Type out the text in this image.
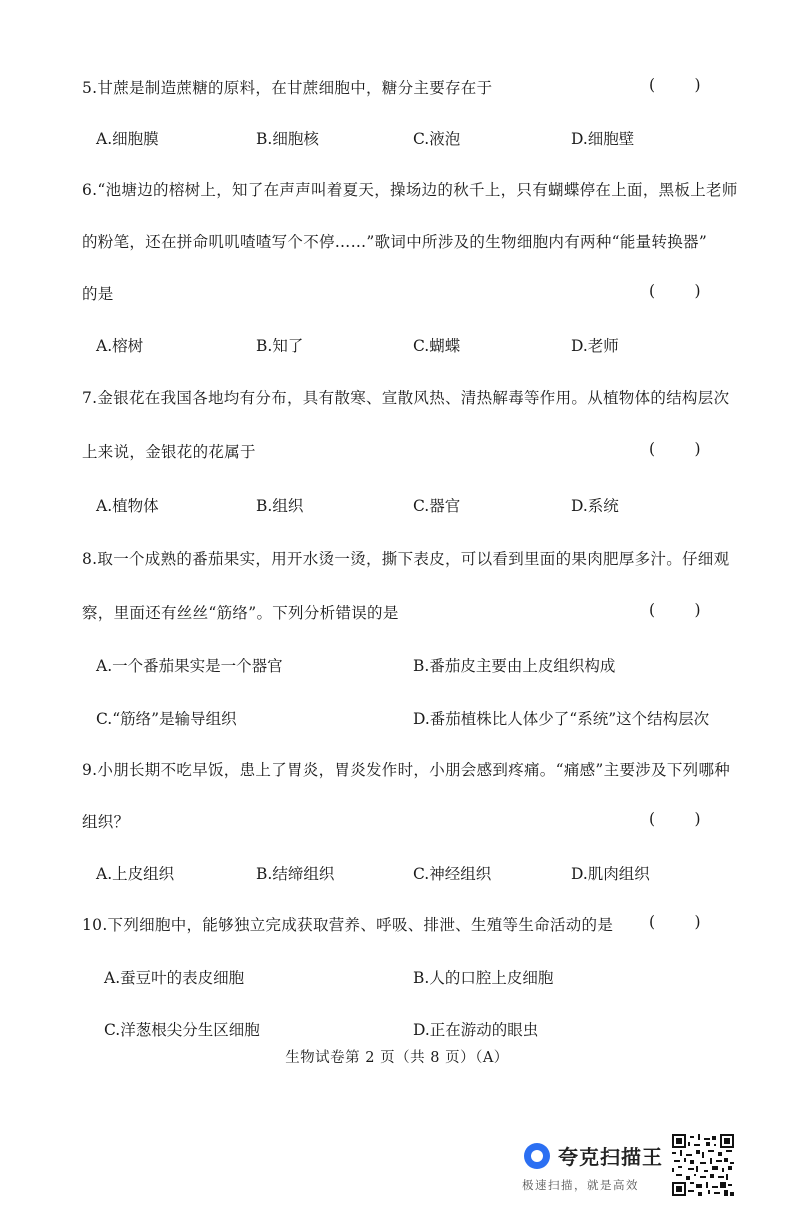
5.甘蔗是制造蔗糖的原料，在甘蔗细胞中，糖分主要存在于	(        )
A.细胞膜	B.细胞核	C.液泡	D.细胞壁
6.“池塘边的榕树上，知了在声声叫着夏天，操场边的秋千上，只有蝴蝶停在上面，黑板上老师
的粉笔，还在拼命叽叽喳喳写个不停……”歌词中所涉及的生物细胞内有两种“能量转换器”
的是	(        )
A.榕树	B.知了	C.蝴蝶	D.老师
7.金银花在我国各地均有分布，具有散寒、宣散风热、清热解毒等作用。从植物体的结构层次
上来说，金银花的花属于	(        )
A.植物体	B.组织	C.器官	D.系统
8.取一个成熟的番茄果实，用开水烫一烫，撕下表皮，可以看到里面的果肉肥厚多汁。仔细观
察，里面还有丝丝“筋络”。下列分析错误的是	(        )
A.一个番茄果实是一个器官	B.番茄皮主要由上皮组织构成
C.“筋络”是输导组织	D.番茄植株比人体少了“系统”这个结构层次
9.小朋长期不吃早饭，患上了胃炎，胃炎发作时，小朋会感到疼痛。“痛感”主要涉及下列哪种
组织？	(        )
A.上皮组织	B.结缔组织	C.神经组织	D.肌肉组织
10.下列细胞中，能够独立完成获取营养、呼吸、排泄、生殖等生命活动的是	(        )
A.蚕豆叶的表皮细胞	B.人的口腔上皮细胞
C.洋葱根尖分生区细胞	D.正在游动的眼虫
生物试卷第 2 页（共 8 页）（A）
夸克扫描王
极速扫描，就是高效
